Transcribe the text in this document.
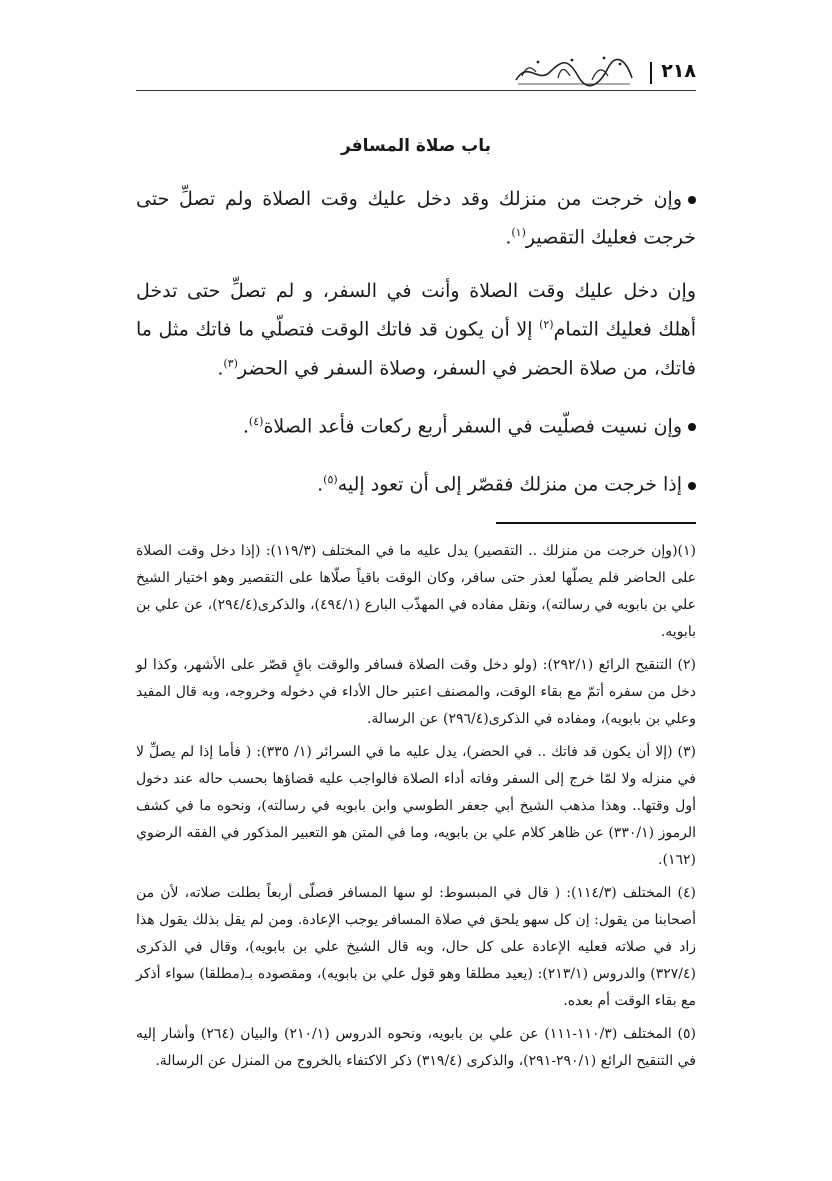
٢١٨
باب صلاة المسافر

وإن خرجت من منزلك وقد دخل عليك وقت الصلاة ولم تصلِّ حتى خرجت فعليك التقصير$^{(١)}$.

وإن دخل عليك وقت الصلاة وأنت في السفر، و لم تصلِّ حتى تدخل أهلك فعليك التمام$^{(٢)}$ إلا أن يكون قد فاتك الوقت فتصلّي ما فاتك مثل ما فاتك، من صلاة الحضر في السفر، وصلاة السفر في الحضر$^{(٣)}$.

وإن نسيت فصلّيت في السفر أربع ركعات فأعد الصلاة$^{(٤)}$.

إذا خرجت من منزلك فقصّر إلى أن تعود إليه$^{(٥)}$.

(١)(وإن خرجت من منزلك .. التقصير) يدل عليه ما في المختلف (١١٩/٣): (إذا دخل وقت الصلاة على الحاضر فلم يصلّها لعذر حتى سافر، وكان الوقت باقياً صلّاها على التقصير وهو اختيار الشيخ علي بن بابويه في رسالته)، ونقل مفاده في المهذّب البارع (٤٩٤/١)، والذكرى(٢٩٤/٤)، عن علي بن بابويه.

(٢) التنقيح الرائع (٢٩٢/١): (ولو دخل وقت الصلاة فسافر والوقت باقٍ قصّر على الأشهر، وكذا لو دخل من سفره أتمّ مع بقاء الوقت، والمصنف اعتبر حال الأداء في دخوله وخروجه، وبه قال المفيد وعلي بن بابويه)، ومفاده في الذكرى(٢٩٦/٤) عن الرسالة.

(٣) (إلا أن يكون قد فاتك .. في الحضر)، يدل عليه ما في السرائر (١/ ٣٣٥): ( فأما إذا لم يصلِّ لا في منزله ولا لمّا خرج إلى السفر وفاته أداء الصلاة فالواجب عليه قضاؤها بحسب حاله عند دخول أول وقتها.. وهذا مذهب الشيخ أبي جعفر الطوسي وابن بابويه في رسالته)، ونحوه ما في كشف الرموز (٣٣٠/١) عن ظاهر كلام علي بن بابويه، وما في المتن هو التعبير المذكور في الفقه الرضوي (١٦٢).

(٤) المختلف (١١٤/٣): ( قال في المبسوط: لو سها المسافر فصلّى أربعاً بطلت صلاته، لأن من أصحابنا من يقول: إن كل سهو يلحق في صلاة المسافر يوجب الإعادة. ومن لم يقل بذلك يقول هذا زاد في صلاته فعليه الإعادة على كل حال، وبه قال الشيخ علي بن بابويه)، وقال في الذكرى (٣٢٧/٤) والدروس (٢١٣/١): (يعيد مطلقا وهو قول علي بن بابويه)، ومقصوده بـ(مطلقا) سواء أذكر مع بقاء الوقت أم بعده.

(٥) المختلف (١١٠/٣-١١١) عن علي بن بابويه، ونحوه الدروس (٢١٠/١) والبيان (٢٦٤) وأشار إليه في التنقيح الرائع (٢٩٠/١-٢٩١)، والذكرى (٣١٩/٤) ذكر الاكتفاء بالخروج من المنزل عن الرسالة.
